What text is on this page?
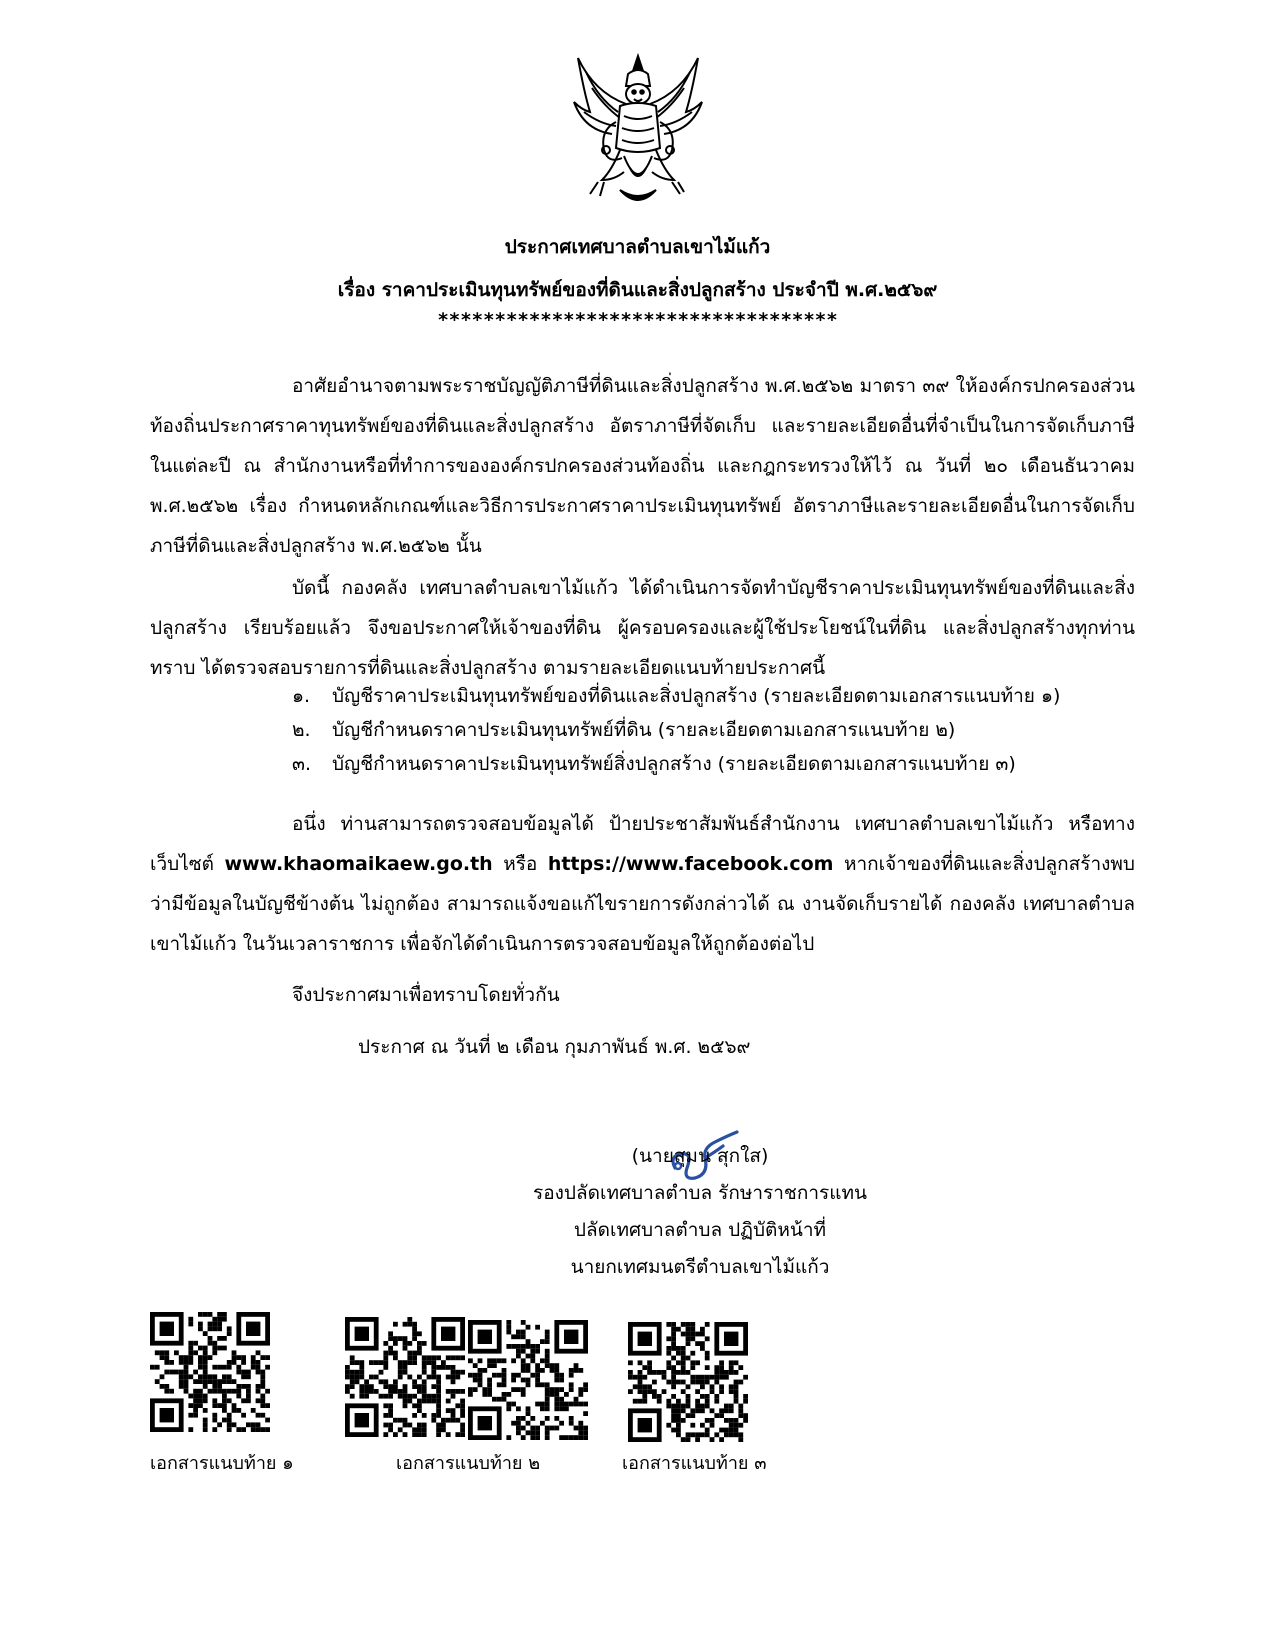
ประกาศเทศบาลตำบลเขาไม้แก้ว
เรื่อง ราคาประเมินทุนทรัพย์ของที่ดินและสิ่งปลูกสร้าง ประจำปี พ.ศ.๒๕๖๙
***********************************

อาศัยอำนาจตามพระราชบัญญัติภาษีที่ดินและสิ่งปลูกสร้าง พ.ศ.๒๕๖๒ มาตรา ๓๙ ให้องค์กรปกครองส่วนท้องถิ่นประกาศราคาทุนทรัพย์ของที่ดินและสิ่งปลูกสร้าง อัตราภาษีที่จัดเก็บ และรายละเอียดอื่นที่จำเป็นในการจัดเก็บภาษีในแต่ละปี ณ สำนักงานหรือที่ทำการขององค์กรปกครองส่วนท้องถิ่น และกฎกระทรวงให้ไว้ ณ วันที่ ๒๐ เดือนธันวาคม พ.ศ.๒๕๖๒ เรื่อง กำหนดหลักเกณฑ์และวิธีการประกาศราคาประเมินทุนทรัพย์ อัตราภาษีและรายละเอียดอื่นในการจัดเก็บภาษีที่ดินและสิ่งปลูกสร้าง พ.ศ.๒๕๖๒ นั้น

บัดนี้ กองคลัง เทศบาลตำบลเขาไม้แก้ว ได้ดำเนินการจัดทำบัญชีราคาประเมินทุนทรัพย์ของที่ดินและสิ่งปลูกสร้าง เรียบร้อยแล้ว จึงขอประกาศให้เจ้าของที่ดิน ผู้ครอบครองและผู้ใช้ประโยชน์ในที่ดิน และสิ่งปลูกสร้างทุกท่านทราบ ได้ตรวจสอบรายการที่ดินและสิ่งปลูกสร้าง ตามรายละเอียดแนบท้ายประกาศนี้

๑. บัญชีราคาประเมินทุนทรัพย์ของที่ดินและสิ่งปลูกสร้าง (รายละเอียดตามเอกสารแนบท้าย ๑)
๒. บัญชีกำหนดราคาประเมินทุนทรัพย์ที่ดิน (รายละเอียดตามเอกสารแนบท้าย ๒)
๓. บัญชีกำหนดราคาประเมินทุนทรัพย์สิ่งปลูกสร้าง (รายละเอียดตามเอกสารแนบท้าย ๓)

อนึ่ง ท่านสามารถตรวจสอบข้อมูลได้ ป้ายประชาสัมพันธ์สำนักงาน เทศบาลตำบลเขาไม้แก้ว หรือทางเว็บไซต์ www.khaomaikaew.go.th หรือ https://www.facebook.com หากเจ้าของที่ดินและสิ่งปลูกสร้างพบว่ามีข้อมูลในบัญชีข้างต้น ไม่ถูกต้อง สามารถแจ้งขอแก้ไขรายการดังกล่าวได้ ณ งานจัดเก็บรายได้ กองคลัง เทศบาลตำบลเขาไม้แก้ว ในวันเวลาราชการ เพื่อจักได้ดำเนินการตรวจสอบข้อมูลให้ถูกต้องต่อไป

จึงประกาศมาเพื่อทราบโดยทั่วกัน
ประกาศ ณ วันที่ ๒ เดือน กุมภาพันธ์ พ.ศ. ๒๕๖๙
(นายสุมน สุกใส)
รองปลัดเทศบาลตำบล รักษาราชการแทน
ปลัดเทศบาลตำบล ปฏิบัติหน้าที่
นายกเทศมนตรีตำบลเขาไม้แก้ว
เอกสารแนบท้าย ๑	เอกสารแนบท้าย ๒	เอกสารแนบท้าย ๓
